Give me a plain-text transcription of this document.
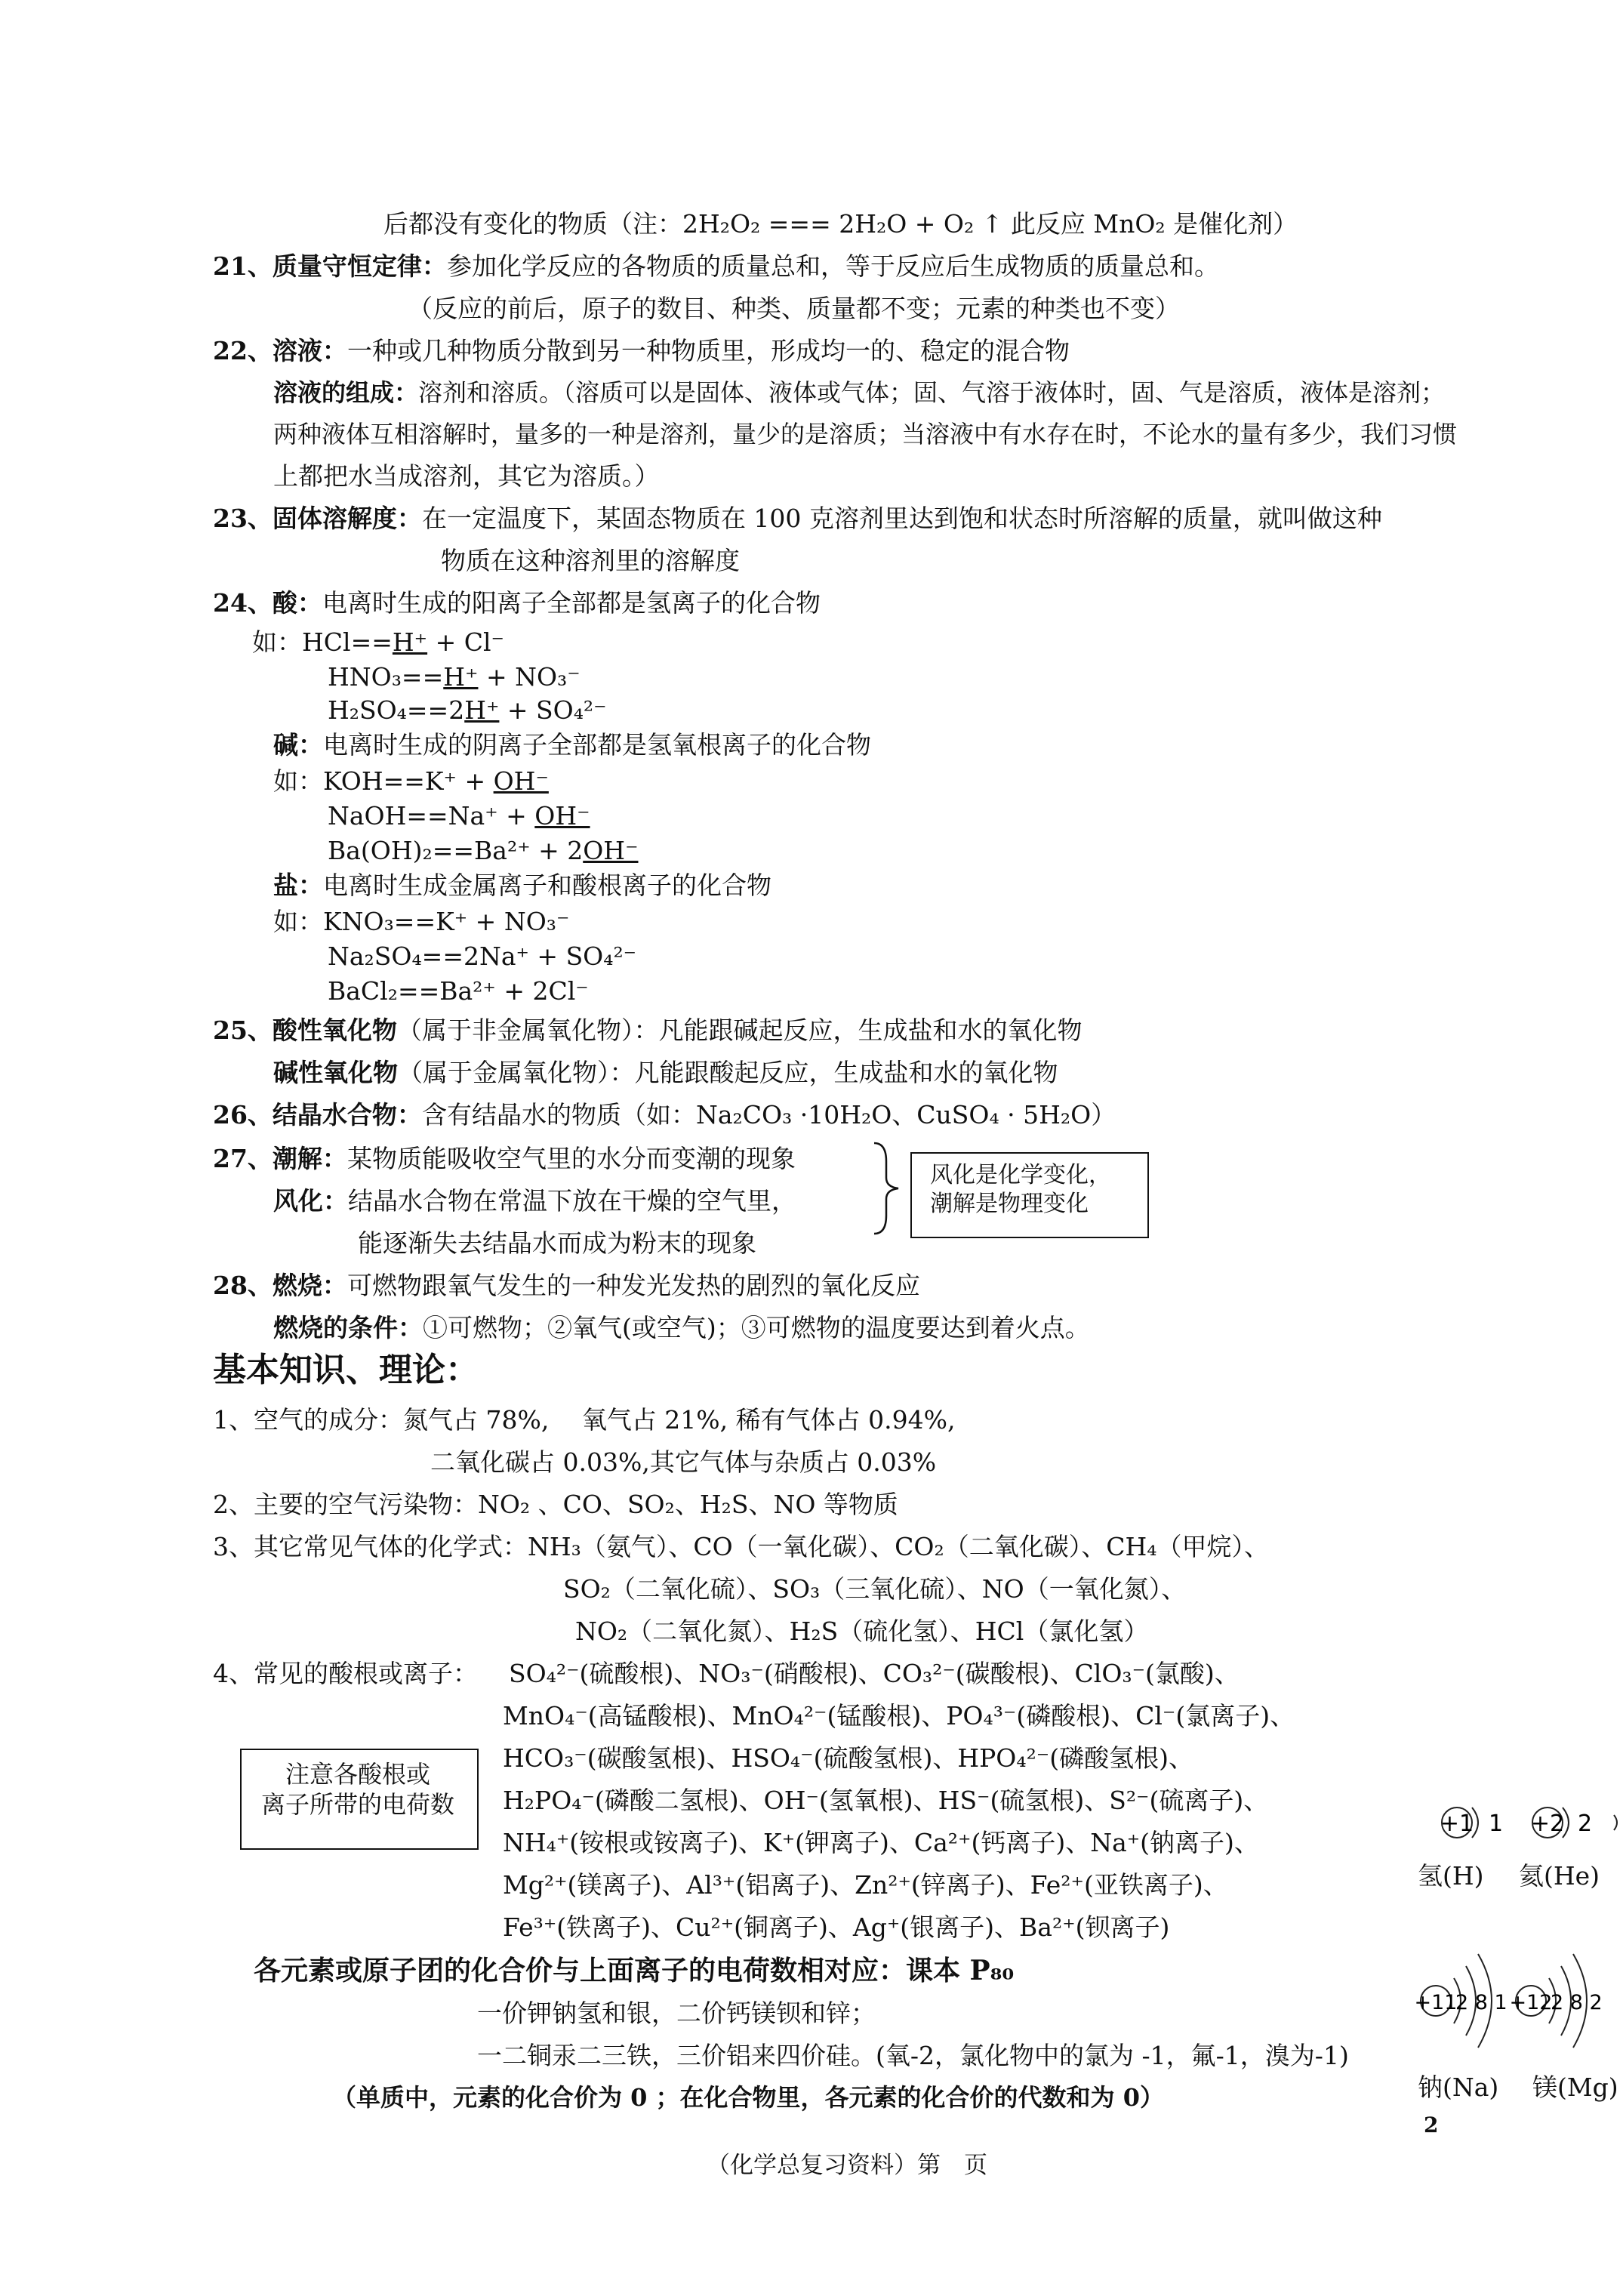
后都没有变化的物质（注：2H₂O₂ === 2H₂O + O₂ ↑ 此反应 MnO₂ 是催化剂）
21、质量守恒定律：参加化学反应的各物质的质量总和，等于反应后生成物质的质量总和。
（反应的前后，原子的数目、种类、质量都不变；元素的种类也不变）
22、溶液：一种或几种物质分散到另一种物质里，形成均一的、稳定的混合物
溶液的组成：溶剂和溶质。（溶质可以是固体、液体或气体；固、气溶于液体时，固、气是溶质，液体是溶剂；
两种液体互相溶解时，量多的一种是溶剂，量少的是溶质；当溶液中有水存在时，不论水的量有多少，我们习惯
上都把水当成溶剂，其它为溶质。）
23、固体溶解度：在一定温度下，某固态物质在 100 克溶剂里达到饱和状态时所溶解的质量，就叫做这种
物质在这种溶剂里的溶解度
24、酸：电离时生成的阳离子全部都是氢离子的化合物
如：HCl==H⁺ + Cl⁻
HNO₃==H⁺ + NO₃⁻
H₂SO₄==2H⁺ + SO₄²⁻
碱：电离时生成的阴离子全部都是氢氧根离子的化合物
如：KOH==K⁺ + OH⁻
NaOH==Na⁺ + OH⁻
Ba(OH)₂==Ba²⁺ + 2OH⁻
盐：电离时生成金属离子和酸根离子的化合物
如：KNO₃==K⁺ + NO₃⁻
Na₂SO₄==2Na⁺ + SO₄²⁻
BaCl₂==Ba²⁺ + 2Cl⁻
25、酸性氧化物（属于非金属氧化物）：凡能跟碱起反应，生成盐和水的氧化物
碱性氧化物（属于金属氧化物）：凡能跟酸起反应，生成盐和水的氧化物
26、结晶水合物：含有结晶水的物质（如：Na₂CO₃ ·10H₂O、CuSO₄ · 5H₂O）
27、潮解：某物质能吸收空气里的水分而变潮的现象
风化：结晶水合物在常温下放在干燥的空气里，
能逐渐失去结晶水而成为粉末的现象
风化是化学变化，
潮解是物理变化
28、燃烧：可燃物跟氧气发生的一种发光发热的剧烈的氧化反应
燃烧的条件：①可燃物；②氧气(或空气)；③可燃物的温度要达到着火点。
基本知识、理论：
1、空气的成分：氮气占 78%,　 氧气占 21%, 稀有气体占 0.94%,
二氧化碳占 0.03%,其它气体与杂质占 0.03%
2、主要的空气污染物：NO₂ 、CO、SO₂、H₂S、NO 等物质
3、其它常见气体的化学式：NH₃（氨气）、CO（一氧化碳）、CO₂（二氧化碳）、CH₄（甲烷）、
SO₂（二氧化硫）、SO₃（三氧化硫）、NO（一氧化氮）、
NO₂（二氧化氮）、H₂S（硫化氢）、HCl（氯化氢）
4、常见的酸根或离子： SO₄²⁻(硫酸根)、NO₃⁻(硝酸根)、CO₃²⁻(碳酸根)、ClO₃⁻(氯酸)、
MnO₄⁻(高锰酸根)、MnO₄²⁻(锰酸根)、PO₄³⁻(磷酸根)、Cl⁻(氯离子)、
HCO₃⁻(碳酸氢根)、HSO₄⁻(硫酸氢根)、HPO₄²⁻(磷酸氢根)、
H₂PO₄⁻(磷酸二氢根)、OH⁻(氢氧根)、HS⁻(硫氢根)、S²⁻(硫离子)、
NH₄⁺(铵根或铵离子)、K⁺(钾离子)、Ca²⁺(钙离子)、Na⁺(钠离子)、
Mg²⁺(镁离子)、Al³⁺(铝离子)、Zn²⁺(锌离子)、Fe²⁺(亚铁离子)、
Fe³⁺(铁离子)、Cu²⁺(铜离子)、Ag⁺(银离子)、Ba²⁺(钡离子)
注意各酸根或
离子所带的电荷数
各元素或原子团的化合价与上面离子的电荷数相对应：课本 P₈₀
一价钾钠氢和银，二价钙镁钡和锌；
一二铜汞二三铁，三价铝来四价硅。(氧-2，氯化物中的氯为 -1，氟-1，溴为-1)
（单质中，元素的化合价为 0 ；在化合物里，各元素的化合价的代数和为 0）
+1 1 +2 2
氢(H) 氦(He)
+11
2 8 1 +12
2 8 2
钠(Na) 镁(Mg)
（化学总复习资料）第　页
2
